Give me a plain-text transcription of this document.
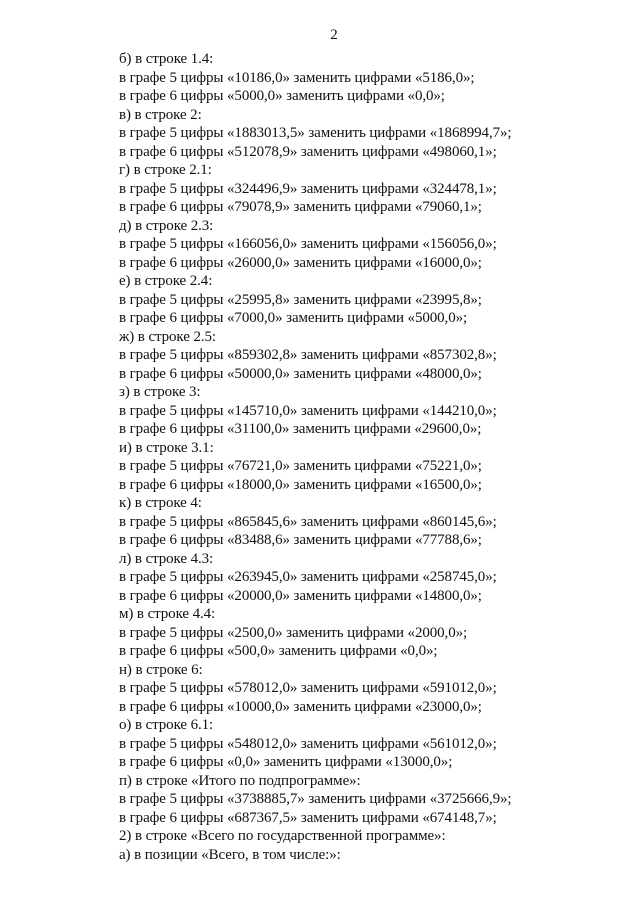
2
б) в строке 1.4:
в графе 5 цифры «10186,0» заменить цифрами «5186,0»;
в графе 6 цифры «5000,0» заменить цифрами «0,0»;
в) в строке 2:
в графе 5 цифры «1883013,5» заменить цифрами «1868994,7»;
в графе 6 цифры «512078,9» заменить цифрами «498060,1»;
г) в строке 2.1:
в графе 5 цифры «324496,9» заменить цифрами «324478,1»;
в графе 6 цифры «79078,9» заменить цифрами «79060,1»;
д) в строке 2.3:
в графе 5 цифры «166056,0» заменить цифрами «156056,0»;
в графе 6 цифры «26000,0» заменить цифрами «16000,0»;
е) в строке 2.4:
в графе 5 цифры «25995,8» заменить цифрами «23995,8»;
в графе 6 цифры «7000,0» заменить цифрами «5000,0»;
ж) в строке 2.5:
в графе 5 цифры «859302,8» заменить цифрами «857302,8»;
в графе 6 цифры «50000,0» заменить цифрами «48000,0»;
з) в строке 3:
в графе 5 цифры «145710,0» заменить цифрами «144210,0»;
в графе 6 цифры «31100,0» заменить цифрами «29600,0»;
и) в строке 3.1:
в графе 5 цифры «76721,0» заменить цифрами «75221,0»;
в графе 6 цифры «18000,0» заменить цифрами «16500,0»;
к) в строке 4:
в графе 5 цифры «865845,6» заменить цифрами «860145,6»;
в графе 6 цифры «83488,6» заменить цифрами «77788,6»;
л) в строке 4.3:
в графе 5 цифры «263945,0» заменить цифрами «258745,0»;
в графе 6 цифры «20000,0» заменить цифрами «14800,0»;
м) в строке 4.4:
в графе 5 цифры «2500,0» заменить цифрами «2000,0»;
в графе 6 цифры «500,0» заменить цифрами «0,0»;
н) в строке 6:
в графе 5 цифры «578012,0» заменить цифрами «591012,0»;
в графе 6 цифры «10000,0» заменить цифрами «23000,0»;
о) в строке 6.1:
в графе 5 цифры «548012,0» заменить цифрами «561012,0»;
в графе 6 цифры «0,0» заменить цифрами «13000,0»;
п) в строке «Итого по подпрограмме»:
в графе 5 цифры «3738885,7» заменить цифрами «3725666,9»;
в графе 6 цифры «687367,5» заменить цифрами «674148,7»;
2) в строке «Всего по государственной программе»:
а) в позиции «Всего, в том числе:»:
